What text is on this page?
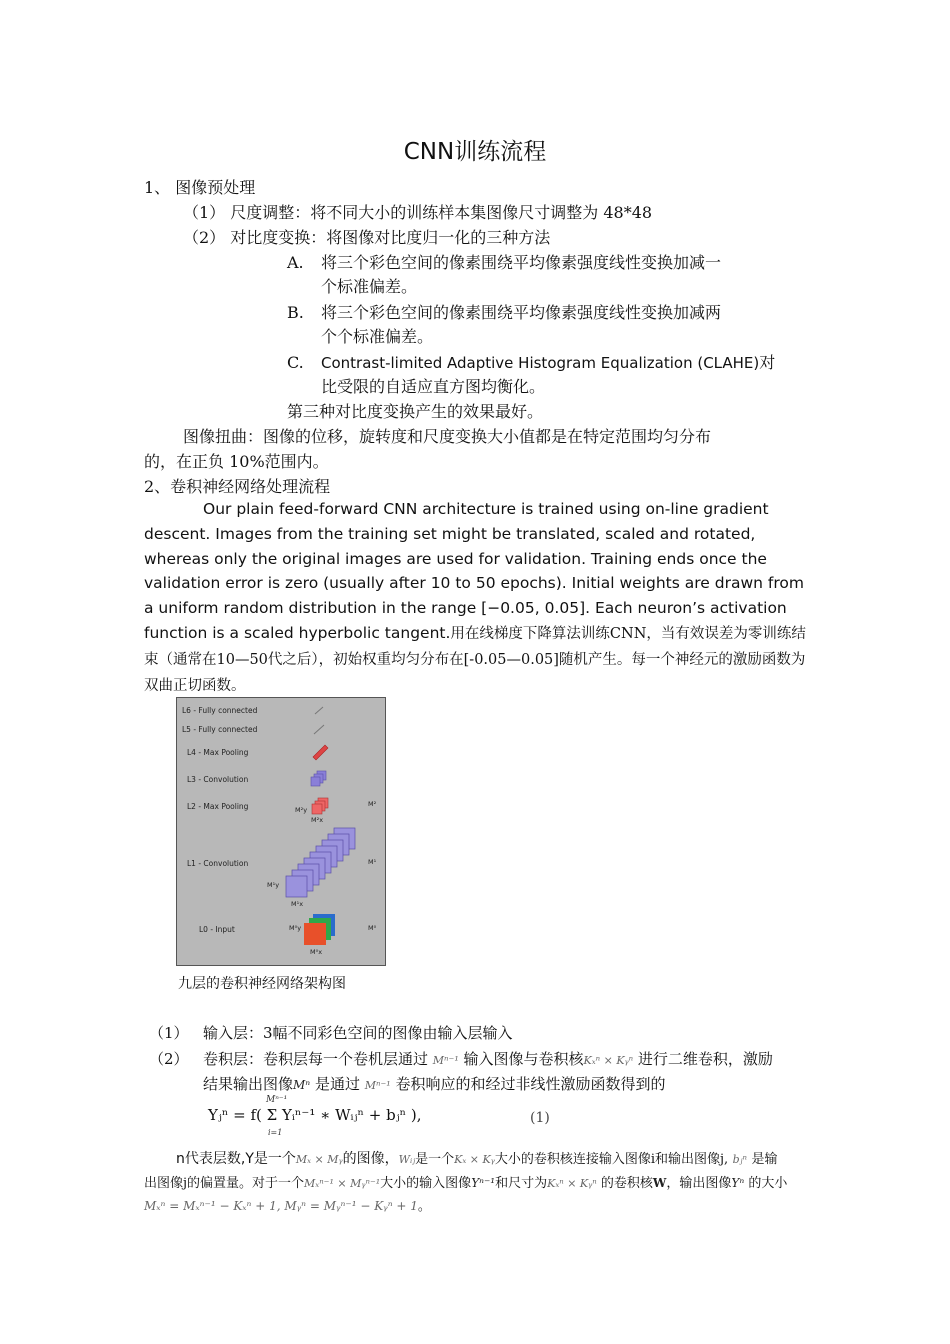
CNN训练流程
1、 图像预处理
（1） 尺度调整：将不同大小的训练样本集图像尺寸调整为 48*48
（2） 对比度变换：将图像对比度归一化的三种方法
A. 将三个彩色空间的像素围绕平均像素强度线性变换加减一
个标准偏差。
B. 将三个彩色空间的像素围绕平均像素强度线性变换加减两
个个标准偏差。
C. Contrast-limited Adaptive Histogram Equalization (CLAHE)对
比受限的自适应直方图均衡化。
第三种对比度变换产生的效果最好。
图像扭曲：图像的位移，旋转度和尺度变换大小值都是在特定范围均匀分布
的，在正负 10%范围内。
2、卷积神经网络处理流程
Our plain feed-forward CNN architecture is trained using on-line gradient descent. Images from the training set might be translated, scaled and rotated, whereas only the original images are used for validation. Training ends once the validation error is zero (usually after 10 to 50 epochs). Initial weights are drawn from a uniform random distribution in the range [−0.05, 0.05]. Each neuron’s activation function is a scaled hyperbolic tangent.用在线梯度下降算法训练CNN，当有效误差为零训练结束（通常在10—50代之后），初始权重均匀分布在[-0.05—0.05]随机产生。每一个神经元的激励函数为双曲正切函数。
L6 - Fully connected
L5 - Fully connected
L4 - Max Pooling
L3 - Convolution
L2 - Max Pooling
L1 - Convolution
L0 - Input
M²
M²y
M²x
M¹
M¹y
M¹x
M⁰
M⁰y
M⁰x
九层的卷积神经网络架构图
（1） 输入层：3幅不同彩色空间的图像由输入层输入
（2） 卷积层：卷积层每一个卷机层通过 Mⁿ⁻¹ 输入图像与卷积核Kₓⁿ × Kᵧⁿ 进行二维卷积，激励
结果输出图像Mⁿ 是通过 Mⁿ⁻¹ 卷积响应的和经过非线性激励函数得到的
Mⁿ⁻¹
Yⱼⁿ = f( Σ Yᵢⁿ⁻¹ ∗ Wᵢⱼⁿ + bⱼⁿ ),
i=1
(1)
n代表层数,Y是一个Mₓ × Mᵧ的图像，Wᵢⱼ是一个Kₓ × Kᵧ大小的卷积核连接输入图像i和输出图像j, bⱼⁿ 是输
出图像j的偏置量。对于一个Mₓⁿ⁻¹ × Mᵧⁿ⁻¹大小的输入图像Yⁿ⁻¹和尺寸为Kₓⁿ × Kᵧⁿ 的卷积核W，输出图像Yⁿ 的大小
Mₓⁿ = Mₓⁿ⁻¹ − Kₓⁿ + 1, Mᵧⁿ = Mᵧⁿ⁻¹ − Kᵧⁿ + 1。
